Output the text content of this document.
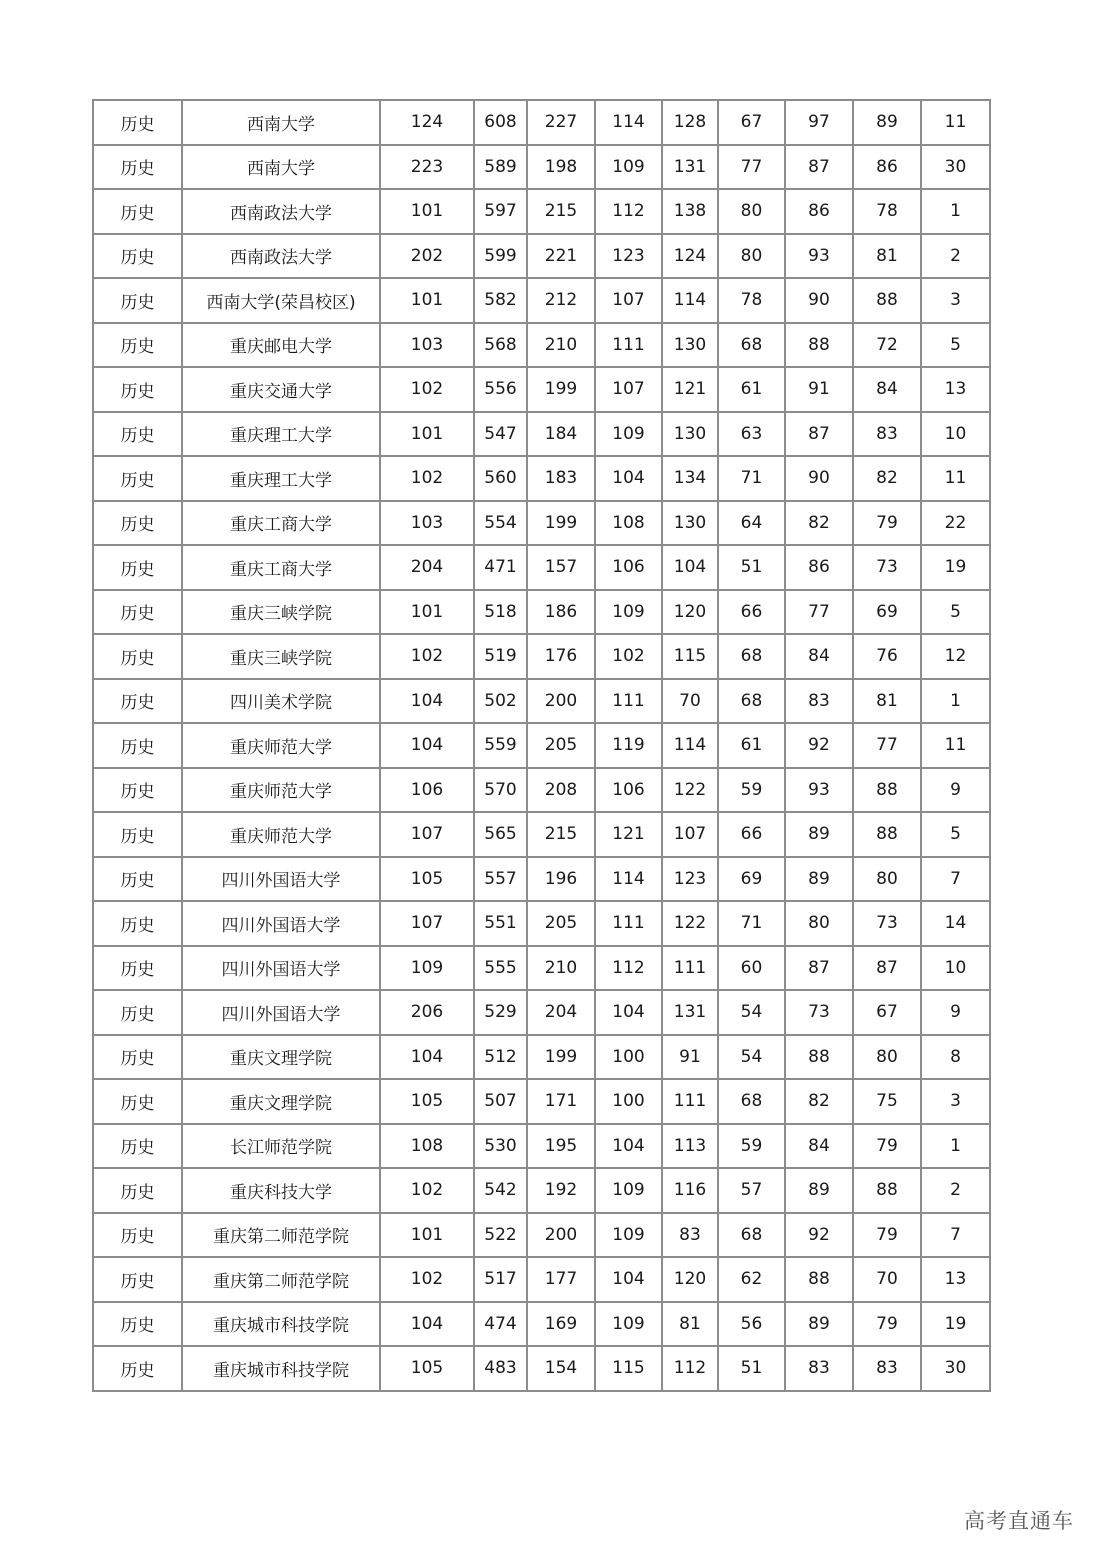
历史	西南大学	124	608	227	114	128	67	97	89	11
历史	西南大学	223	589	198	109	131	77	87	86	30
历史	西南政法大学	101	597	215	112	138	80	86	78	1
历史	西南政法大学	202	599	221	123	124	80	93	81	2
历史	西南大学(荣昌校区)	101	582	212	107	114	78	90	88	3
历史	重庆邮电大学	103	568	210	111	130	68	88	72	5
历史	重庆交通大学	102	556	199	107	121	61	91	84	13
历史	重庆理工大学	101	547	184	109	130	63	87	83	10
历史	重庆理工大学	102	560	183	104	134	71	90	82	11
历史	重庆工商大学	103	554	199	108	130	64	82	79	22
历史	重庆工商大学	204	471	157	106	104	51	86	73	19
历史	重庆三峡学院	101	518	186	109	120	66	77	69	5
历史	重庆三峡学院	102	519	176	102	115	68	84	76	12
历史	四川美术学院	104	502	200	111	70	68	83	81	1
历史	重庆师范大学	104	559	205	119	114	61	92	77	11
历史	重庆师范大学	106	570	208	106	122	59	93	88	9
历史	重庆师范大学	107	565	215	121	107	66	89	88	5
历史	四川外国语大学	105	557	196	114	123	69	89	80	7
历史	四川外国语大学	107	551	205	111	122	71	80	73	14
历史	四川外国语大学	109	555	210	112	111	60	87	87	10
历史	四川外国语大学	206	529	204	104	131	54	73	67	9
历史	重庆文理学院	104	512	199	100	91	54	88	80	8
历史	重庆文理学院	105	507	171	100	111	68	82	75	3
历史	长江师范学院	108	530	195	104	113	59	84	79	1
历史	重庆科技大学	102	542	192	109	116	57	89	88	2
历史	重庆第二师范学院	101	522	200	109	83	68	92	79	7
历史	重庆第二师范学院	102	517	177	104	120	62	88	70	13
历史	重庆城市科技学院	104	474	169	109	81	56	89	79	19
历史	重庆城市科技学院	105	483	154	115	112	51	83	83	30
高考直通车
